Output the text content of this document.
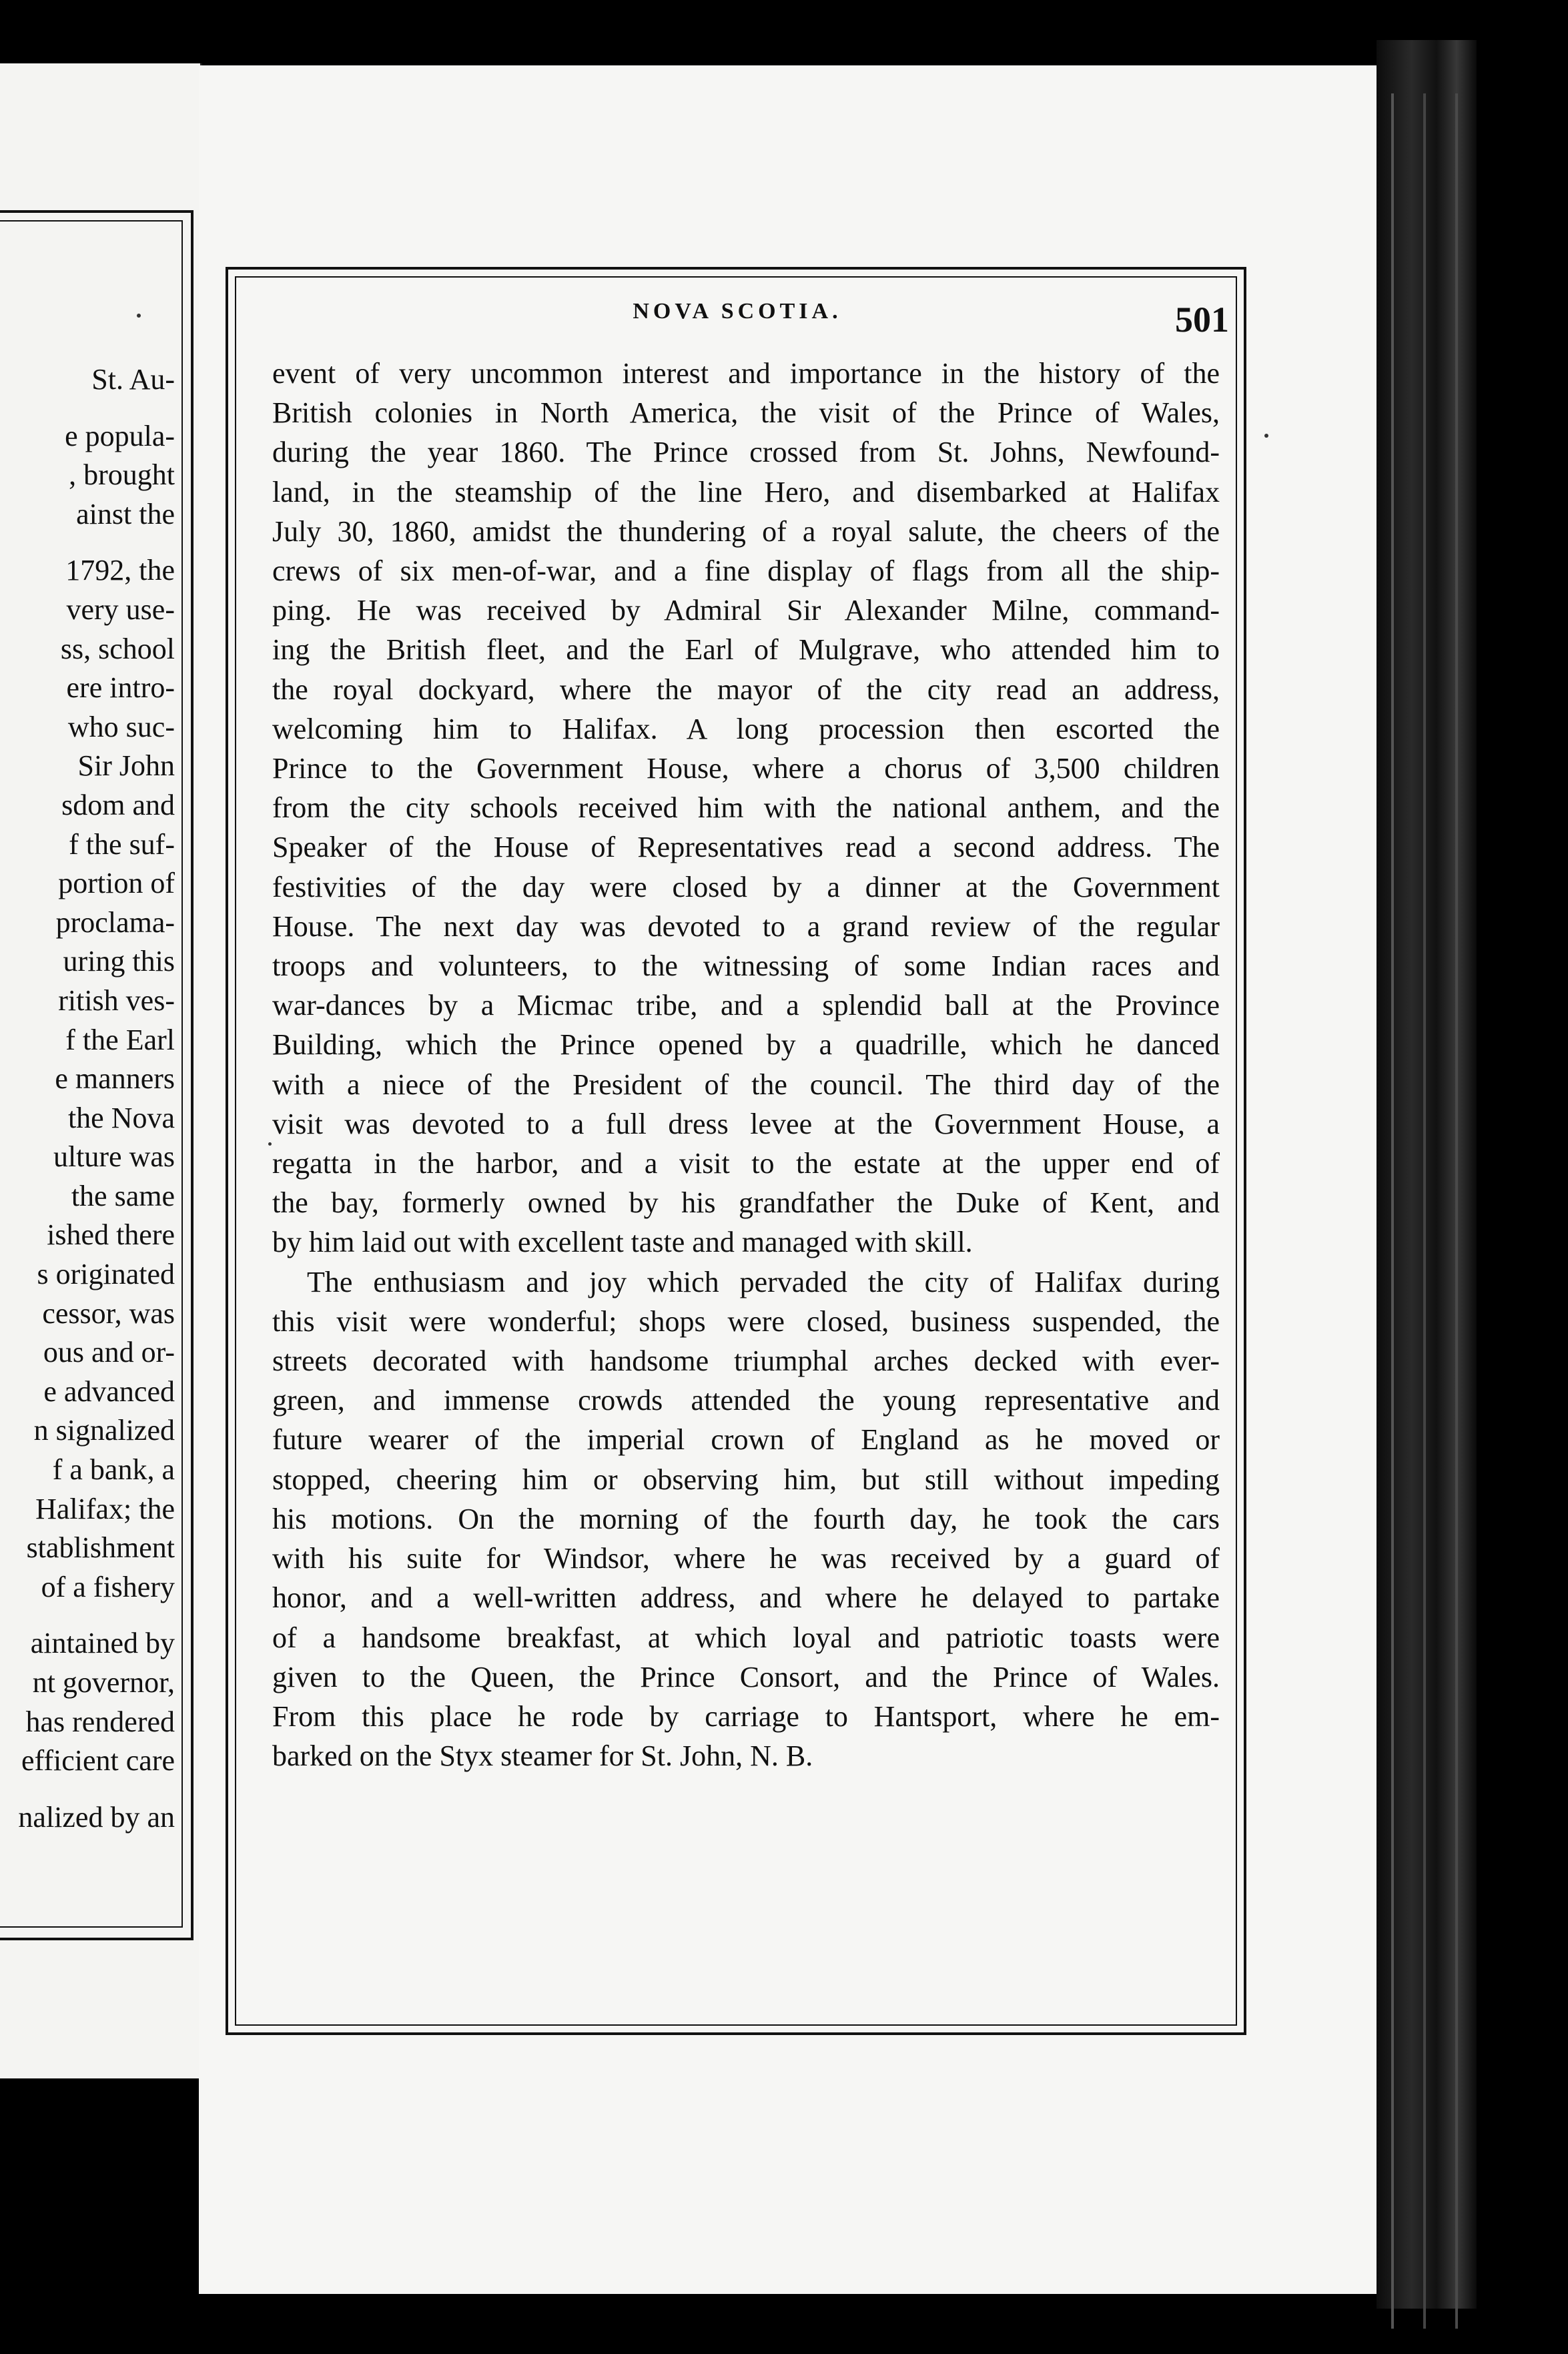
St. Au-
e popula-
, brought
ainst the
1792, the
very use-
ss, school
ere intro-
who suc-
Sir John
sdom and
f the suf-
portion of
proclama-
uring this
ritish ves-
f the Earl
e manners
the Nova
ulture was
the same
ished there
s originated
cessor, was
ous and or-
e advanced
n signalized
f a bank, a
Halifax; the
stablishment
of a fishery
aintained by
nt governor,
has rendered
efficient care
nalized by an
NOVA SCOTIA.	501
event of very uncommon interest and importance in the history of the
British colonies in North America, the visit of the Prince of Wales,
during the year 1860. The Prince crossed from St. Johns, Newfound-
land, in the steamship of the line Hero, and disembarked at Halifax
July 30, 1860, amidst the thundering of a royal salute, the cheers of the
crews of six men-of-war, and a fine display of flags from all the ship-
ping. He was received by Admiral Sir Alexander Milne, command-
ing the British fleet, and the Earl of Mulgrave, who attended him to
the royal dockyard, where the mayor of the city read an address,
welcoming him to Halifax. A long procession then escorted the
Prince to the Government House, where a chorus of 3,500 children
from the city schools received him with the national anthem, and the
Speaker of the House of Representatives read a second address. The
festivities of the day were closed by a dinner at the Government
House. The next day was devoted to a grand review of the regular
troops and volunteers, to the witnessing of some Indian races and
war-dances by a Micmac tribe, and a splendid ball at the Province
Building, which the Prince opened by a quadrille, which he danced
with a niece of the President of the council. The third day of the
visit was devoted to a full dress levee at the Government House, a
regatta in the harbor, and a visit to the estate at the upper end of
the bay, formerly owned by his grandfather the Duke of Kent, and
by him laid out with excellent taste and managed with skill.
The enthusiasm and joy which pervaded the city of Halifax during
this visit were wonderful; shops were closed, business suspended, the
streets decorated with handsome triumphal arches decked with ever-
green, and immense crowds attended the young representative and
future wearer of the imperial crown of England as he moved or
stopped, cheering him or observing him, but still without impeding
his motions. On the morning of the fourth day, he took the cars
with his suite for Windsor, where he was received by a guard of
honor, and a well-written address, and where he delayed to partake
of a handsome breakfast, at which loyal and patriotic toasts were
given to the Queen, the Prince Consort, and the Prince of Wales.
From this place he rode by carriage to Hantsport, where he em-
barked on the Styx steamer for St. John, N. B.
